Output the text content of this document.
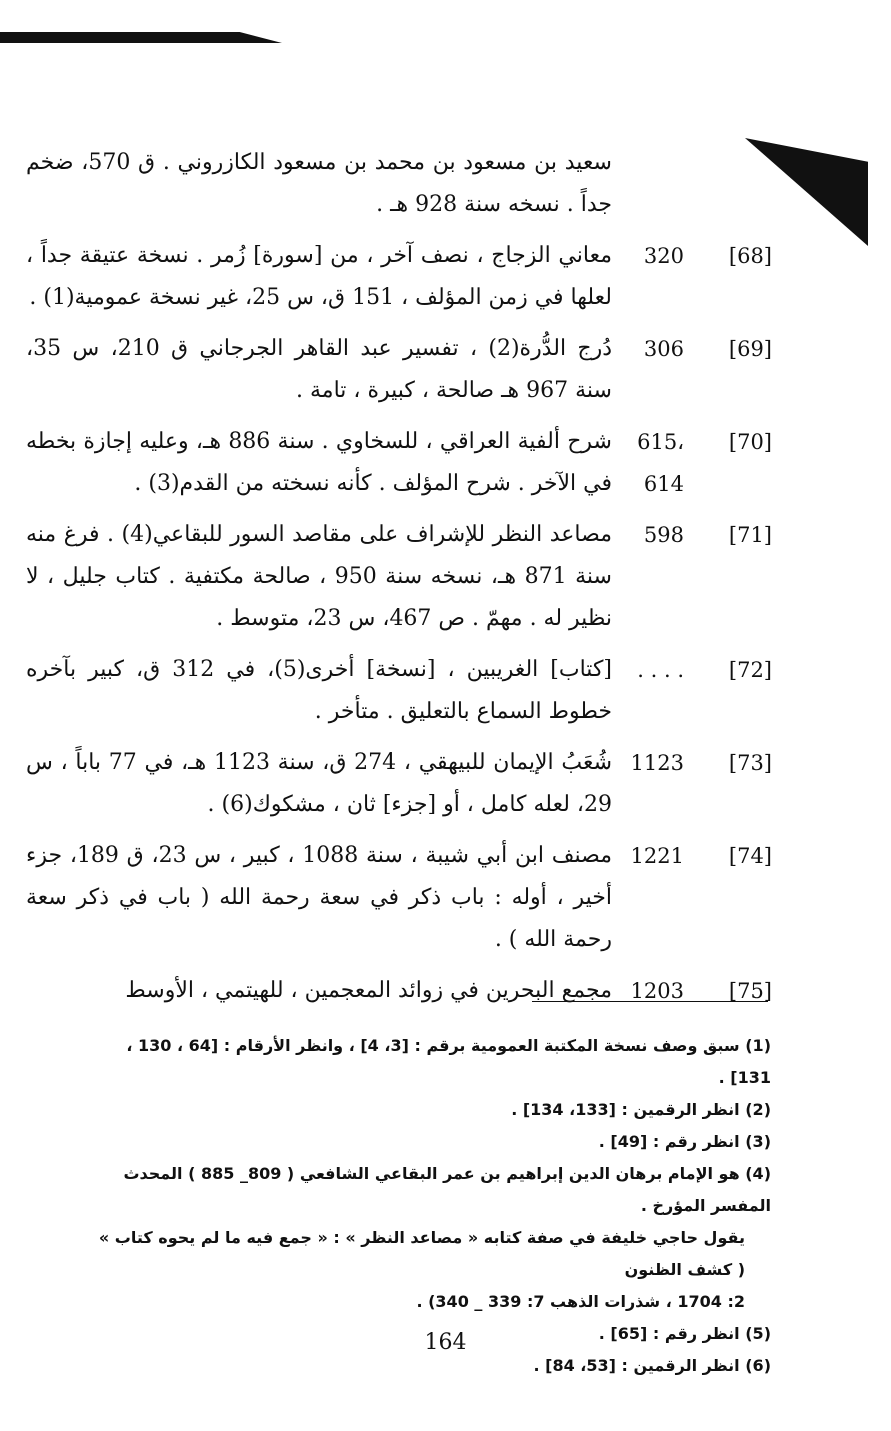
سعيد بن مسعود بن محمد بن مسعود الكازروني . ق 570، ضخم جداً . نسخه سنة 928 هـ .
[68]
320
معاني الزجاج ، نصف آخر ، من [سورة] زُمر . نسخة عتيقة جداً ، لعلها في زمن المؤلف ، 151 ق، س 25، غير نسخة عمومية(1) .
[69]
306
دُرج الدُّرة(2) ، تفسير عبد القاهر الجرجاني ق 210، س 35، سنة 967 هـ صالحة ، كبيرة ، تامة .
[70]
615،
614
شرح ألفية العراقي ، للسخاوي . سنة 886 هـ، وعليه إجازة بخطه في الآخر . شرح المؤلف . كأنه نسخته من القدم(3) .
[71]
598
مصاعد النظر للإشراف على مقاصد السور للبقاعي(4) . فرغ منه سنة 871 هـ، نسخه سنة 950 ، صالحة مكتفية . كتاب جليل ، لا نظير له . مهمّ . ص 467، س 23، متوسط .
[72]
. . . .
[كتاب] الغريبين ، [نسخة] أخرى(5)، في 312 ق، كبير بآخره خطوط السماع بالتعليق . متأخر .
[73]
1123
شُعَبُ الإيمان للبيهقي ، 274 ق، سنة 1123 هـ، في 77 باباً ، س 29، لعله كامل ، أو [جزء] ثان ، مشكوك(6) .
[74]
1221
مصنف ابن أبي شيبة ، سنة 1088 ، كبير ، س 23، ق 189، جزء أخير ، أوله : باب ذكر في سعة رحمة الله ( باب في ذكر سعة رحمة الله ) .
[75]
1203
مجمع البحرين في زوائد المعجمين ، للهيتمي ، الأوسط
(1) سبق وصف نسخة المكتبة العمومية برقم : [3، 4] ، وانظر الأرقام : [64 ، 130 ، 131] .
(2) انظر الرقمين : [133، 134] .
(3) انظر رقم : [49] .
(4) هو الإمام برهان الدين إبراهيم بن عمر البقاعي الشافعي ( 809_ 885 ) المحدث المفسر المؤرخ .
يقول حاجي خليفة في صفة كتابه « مصاعد النظر » : « جمع فيه ما لم يحوه كتاب » ( كشف الظنون
2: 1704 ، شذرات الذهب 7: 339 _ 340) .
(5) انظر رقم : [65] .
(6) انظر الرقمين : [53، 84] .
164
